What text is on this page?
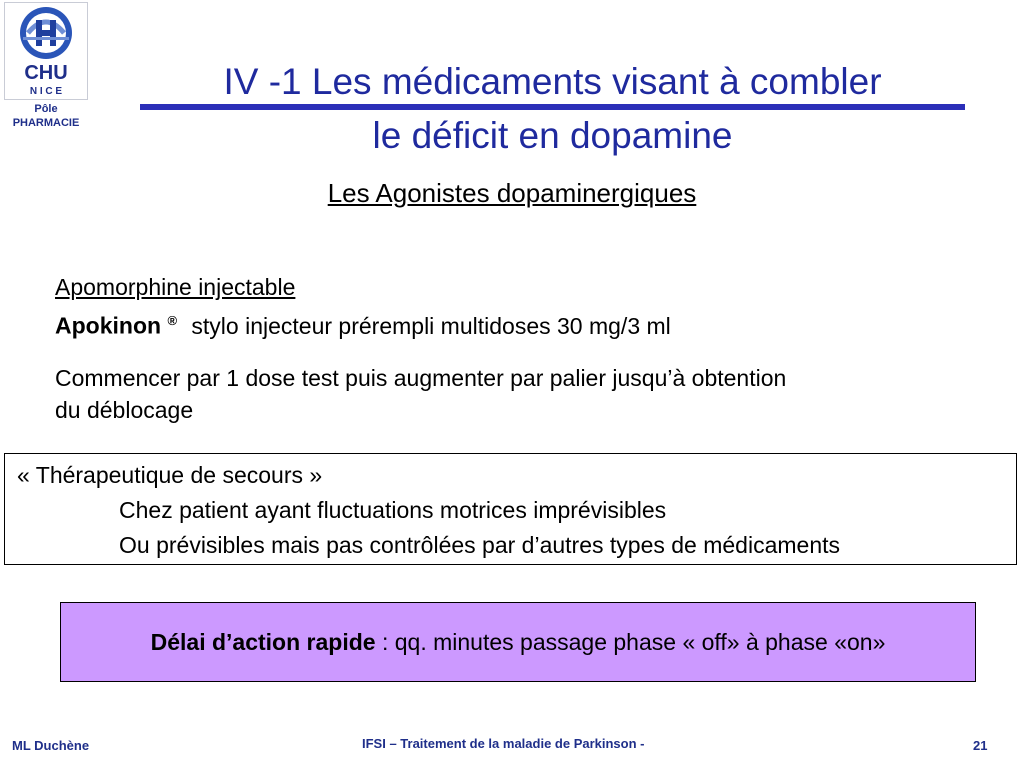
CHU
N I C E
Pôle
PHARMACIE
IV -1 Les médicaments visant à combler
le déficit en dopamine
Les Agonistes dopaminergiques
Apomorphine injectable
Apokinon ® stylo injecteur prérempli multidoses 30 mg/3 ml
Commencer par 1 dose test puis augmenter par palier jusqu’à obtention
du déblocage
« Thérapeutique de secours »
Chez patient ayant fluctuations motrices imprévisibles
Ou prévisibles mais pas contrôlées par d’autres types de médicaments
Délai d’action rapide : qq. minutes passage phase « off» à phase «on»
ML Duchène	IFSI – Traitement de la maladie de Parkinson -	21
